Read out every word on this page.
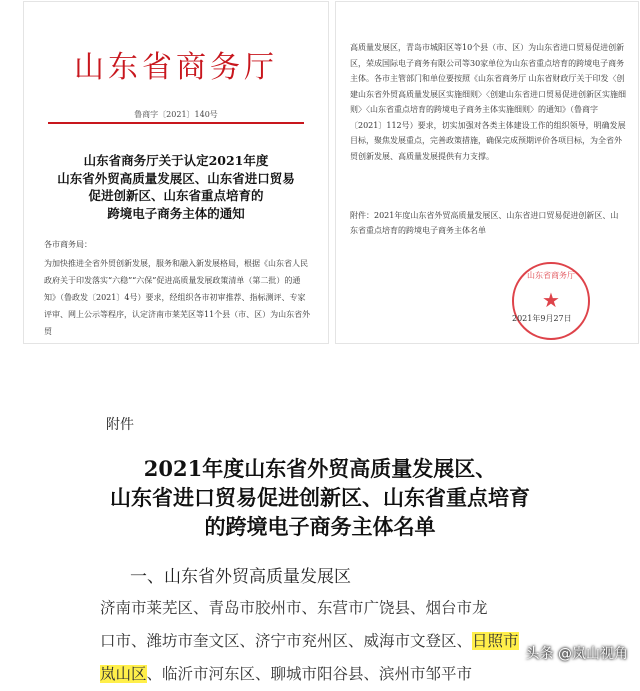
山东省商务厅
鲁商字〔2021〕140号
山东省商务厅关于认定2021年度
山东省外贸高质量发展区、山东省进口贸易
促进创新区、山东省重点培育的
跨境电子商务主体的通知
各市商务局：
为加快推进全省外贸创新发展，服务和融入新发展格局，根据《山东省人民政府关于印发落实“六稳”“六保”促进高质量发展政策清单（第二批）的通知》（鲁政发〔2021〕4号）要求，经组织各市初审推荐、指标测评、专家评审、网上公示等程序，认定济南市莱芜区等11个县（市、区）为山东省外贸
高质量发展区，青岛市城阳区等10个县（市、区）为山东省进口贸易促进创新区，荣成国际电子商务有限公司等30家单位为山东省重点培育的跨境电子商务主体。各市主管部门和单位要按照《山东省商务厅 山东省财政厅关于印发〈创建山东省外贸高质量发展区实施细则〉〈创建山东省进口贸易促进创新区实施细则〉〈山东省重点培育的跨境电子商务主体实施细则〉的通知》（鲁商字〔2021〕112号）要求，切实加强对各类主体建设工作的组织领导，明确发展目标，聚焦发展重点，完善政策措施，确保完成预期评价各项目标，为全省外贸创新发展、高质量发展提供有力支撑。
附件：2021年度山东省外贸高质量发展区、山东省进口贸易促进创新区、山东省重点培育的跨境电子商务主体名单
山东省商务厅
★
2021年9月27日
附件
2021年度山东省外贸高质量发展区、
山东省进口贸易促进创新区、山东省重点培育
的跨境电子商务主体名单
一、山东省外贸高质量发展区
济南市莱芜区、青岛市胶州市、东营市广饶县、烟台市龙
口市、潍坊市奎文区、济宁市兖州区、威海市文登区、日照市
岚山区、临沂市河东区、聊城市阳谷县、滨州市邹平市
头条 @岚山视角
